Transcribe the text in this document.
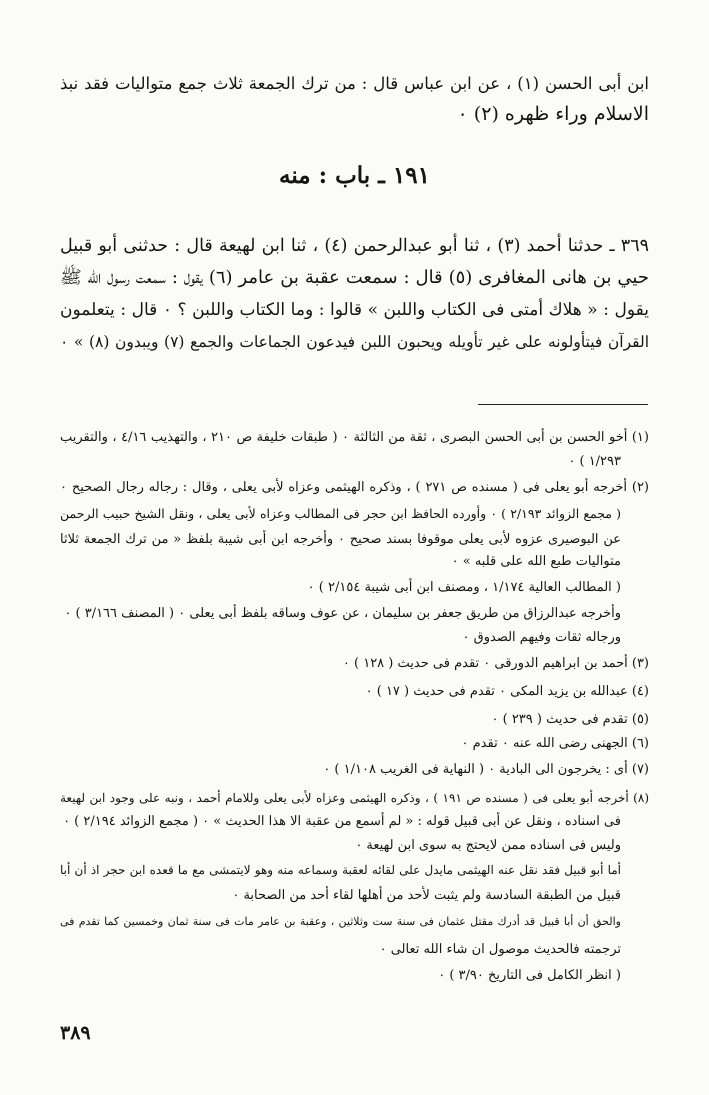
ابن أبى الحسن (١) ، عن ابن عباس قال : من ترك الجمعة ثلاث جمع متواليات فقد نبذ
الاسلام وراء ظهره (٢) ٠
١٩١ ـ باب : منه
٣٦٩ ـ حدثنا أحمد (٣) ، ثنا أبو عبدالرحمن (٤) ، ثنا ابن لهيعة قال : حدثنى أبو قبيل
حيي بن هانى المغافرى (٥) قال : سمعت عقبة بن عامر (٦) يقول : سمعت رسول الله ﷺ
يقول : « هلاك أمتى فى الكتاب واللبن » قالوا : وما الكتاب واللبن ؟ ٠ قال : يتعلمون
القرآن فيتأولونه على غير تأويله ويحبون اللبن فيدعون الجماعات والجمع (٧) ويبدون (٨) » ٠
(١) أخو الحسن بن أبى الحسن البصرى ، ثقة من الثالثة ٠ ( طبقات خليفة ص ٢١٠ ، والتهذيب ٤/١٦ ، والتقريب
١/٢٩٣ ) ٠
(٢) أخرجه أبو يعلى فى ( مسنده ص ٢٧١ ) ، وذكره الهيثمى وعزاه لأبى يعلى ، وقال : رجاله رجال الصحيح ٠
( مجمع الزوائد ٢/١٩٣ ) ٠ وأورده الحافظ ابن حجر فى المطالب وعزاه لأبى يعلى ، ونقل الشيخ حبيب الرحمن
عن البوصيرى عزوه لأبى يعلى موقوفا بسند صحيح ٠ وأخرجه ابن أبى شيبة بلفظ « من ترك الجمعة ثلاثا
متواليات طبع الله على قلبه » ٠
( المطالب العالية ١/١٧٤ ، ومصنف ابن أبى شيبة ٢/١٥٤ ) ٠
وأخرجه عبدالرزاق من طريق جعفر بن سليمان ، عن عوف وساقه بلفظ أبى يعلى ٠ ( المصنف ٣/١٦٦ ) ٠
ورجاله ثقات وفيهم الصدوق ٠
(٣) أحمد بن ابراهيم الدورقى ٠ تقدم فى حديث ( ١٢٨ ) ٠
(٤) عبدالله بن يزيد المكى ٠ تقدم فى حديث ( ١٧ ) ٠
(٥) تقدم فى حديث ( ٢٣٩ ) ٠
(٦) الجهنى رضى الله عنه ٠ تقدم ٠
(٧) أى : يخرجون الى البادية ٠ ( النهاية فى الغريب ١/١٠٨ ) ٠
(٨) أخرجه أبو يعلى فى ( مسنده ص ١٩١ ) ، وذكره الهيثمى وعزاه لأبى يعلى وللامام أحمد ، ونبه على وجود ابن لهيعة
فى اسناده ، ونقل عن أبى قبيل قوله : « لم أسمع من عقبة الا هذا الحديث » ٠ ( مجمع الزوائد ٢/١٩٤ ) ٠
وليس فى اسناده ممن لايحتج به سوى ابن لهيعة ٠
أما أبو قبيل فقد نقل عنه الهيثمى مايدل على لقائه لعقبة وسماعه منه وهو لايتمشى مع ما قعده ابن حجر اذ أن أبا
قبيل من الطبقة السادسة ولم يثبت لأحد من أهلها لقاء أحد من الصحابة ٠
والحق أن أبا قبيل قد أدرك مقتل عثمان فى سنة ست وثلاثين ، وعقبة بن عامر مات فى سنة ثمان وخمسين كما تقدم فى
ترجمته فالحديث موصول ان شاء الله تعالى ٠
( انظر الكامل فى التاريخ ٣/٩٠ ) ٠
٣٨٩
